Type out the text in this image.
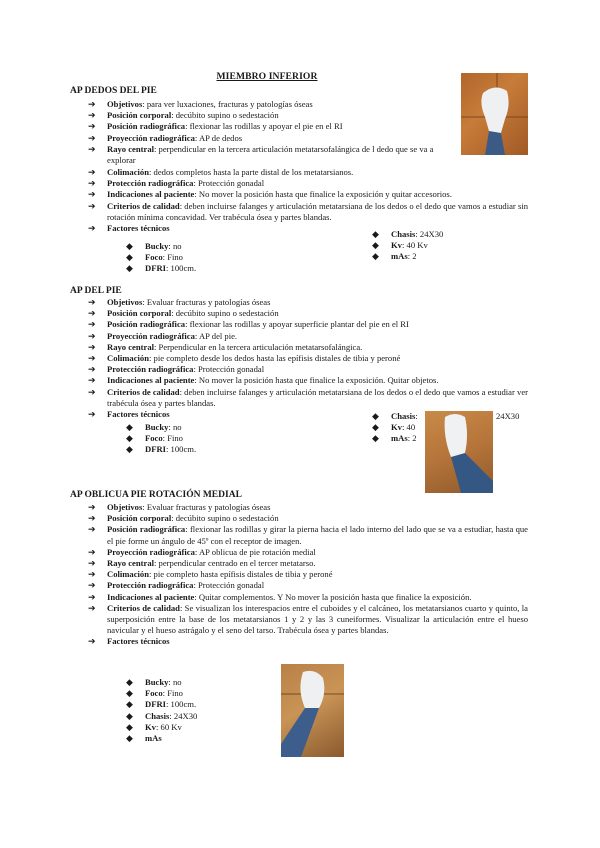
MIEMBRO INFERIOR
AP DEDOS DEL PIE
➔ Objetivos: para ver luxaciones, fracturas y patologías óseas
➔ Posición corporal: decúbito supino o sedestación
➔ Posición radiográfica: flexionar las rodillas y apoyar el pie en el RI
➔ Proyección radiográfica: AP de dedos
➔ Rayo central: perpendicular en la tercera articulación metatarsofalángica de l dedo que se va a explorar
➔ Colimación: dedos completos hasta la parte distal de los metatarsianos.
➔ Protección radiográfica: Protección gonadal
➔ Indicaciones al paciente: No mover la posición hasta que finalice la exposición y quitar accesorios.
➔ Criterios de calidad: deben incluirse falanges y articulación metatarsiana de los dedos o el dedo que vamos a estudiar sin rotación mínima concavidad. Ver trabécula ósea y partes blandas.
➔ Factores técnicos
◆ Bucky: no
◆ Foco: Fino
◆ DFRI: 100cm.
◆ Chasis: 24X30
◆ Kv: 40 Kv
◆ mAs: 2
AP DEL PIE
➔ Objetivos: Evaluar fracturas y patologías óseas
➔ Posición corporal: decúbito supino o sedestación
➔ Posición radiográfica: flexionar las rodillas y apoyar superficie plantar del pie en el RI
➔ Proyección radiográfica: AP del pie.
➔ Rayo central: Perpendicular en la tercera articulación metatarsofalángica.
➔ Colimación: pie completo desde los dedos hasta las epífisis distales de tibia y peroné
➔ Protección radiográfica: Protección gonadal
➔ Indicaciones al paciente: No mover la posición hasta que finalice la exposición. Quitar objetos.
➔ Criterios de calidad: deben incluirse falanges y articulación metatarsiana de los dedos o el dedo que vamos a estudiar ver trabécula ósea y partes blandas.
➔ Factores técnicos
◆ Bucky: no
◆ Foco: Fino
◆ DFRI: 100cm.
◆ Chasis:
◆ Kv: 40
◆ mAs: 2
24X30
AP OBLICUA PIE ROTACIÓN MEDIAL
➔ Objetivos: Evaluar fracturas y patologías óseas
➔ Posición corporal: decúbito supino o sedestación
➔ Posición radiográfica: flexionar las rodillas y girar la pierna hacia el lado interno del lado que se va a estudiar, hasta que el pie forme un ángulo de 45º con el receptor de imagen.
➔ Proyección radiográfica: AP oblicua de pie rotación medial
➔ Rayo central: perpendicular centrado en el tercer metatarso.
➔ Colimación: pie completo hasta epífisis distales de tibia y peroné
➔ Protección radiográfica: Protección gonadal
➔ Indicaciones al paciente: Quitar complementos. Y No mover la posición hasta que finalice la exposición.
➔ Criterios de calidad: Se visualizan los interespacios entre el cuboides y el calcáneo, los metatarsianos cuarto y quinto, la superposición entre la base de los metatarsianos 1 y 2 y las 3 cuneiformes. Visualizar la articulación entre el hueso navicular y el hueso astrágalo y el seno del tarso. Trabécula ósea y partes blandas.
➔ Factores técnicos
◆ Bucky: no
◆ Foco: Fino
◆ DFRI: 100cm.
◆ Chasis: 24X30
◆ Kv: 60 Kv
◆ mAs
